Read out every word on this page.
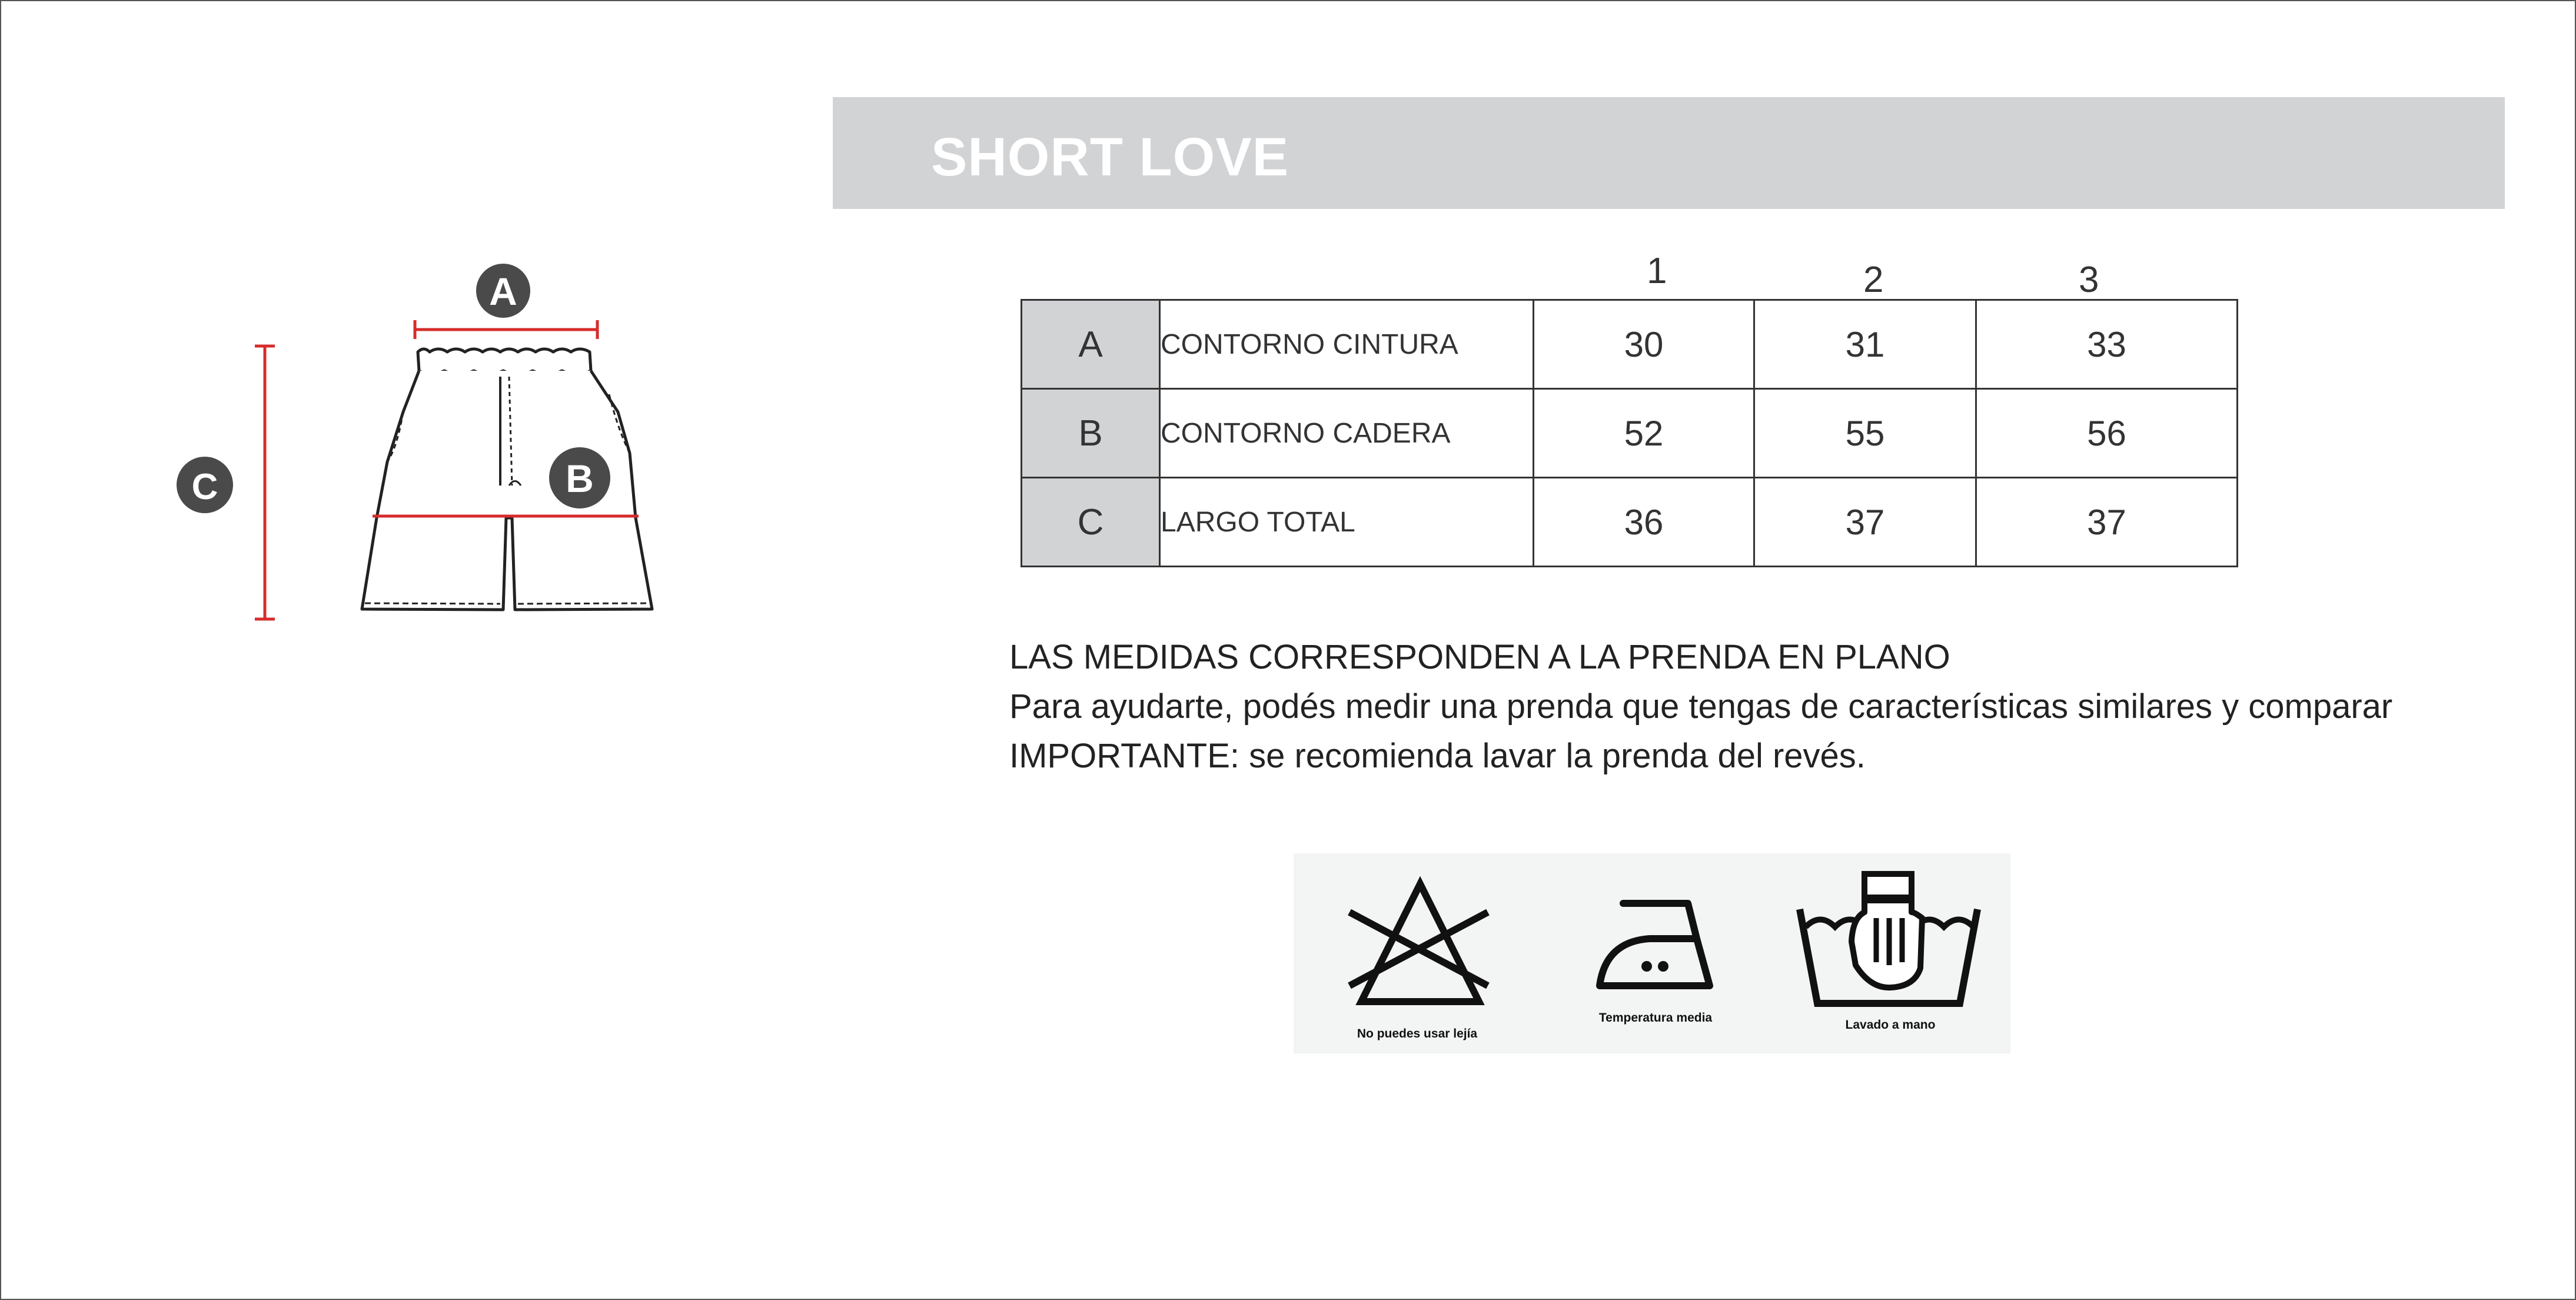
SHORT LOVE
A
B
C
1	2	3
A	CONTORNO CINTURA	30	31	33
B	CONTORNO CADERA	52	55	56
C	LARGO TOTAL	36	37	37
LAS MEDIDAS CORRESPONDEN A LA PRENDA EN PLANO
Para ayudarte, podés medir una prenda que tengas de características similares y comparar
IMPORTANTE: se recomienda lavar la prenda del revés.
No puedes usar lejía
Temperatura media
Lavado a mano
